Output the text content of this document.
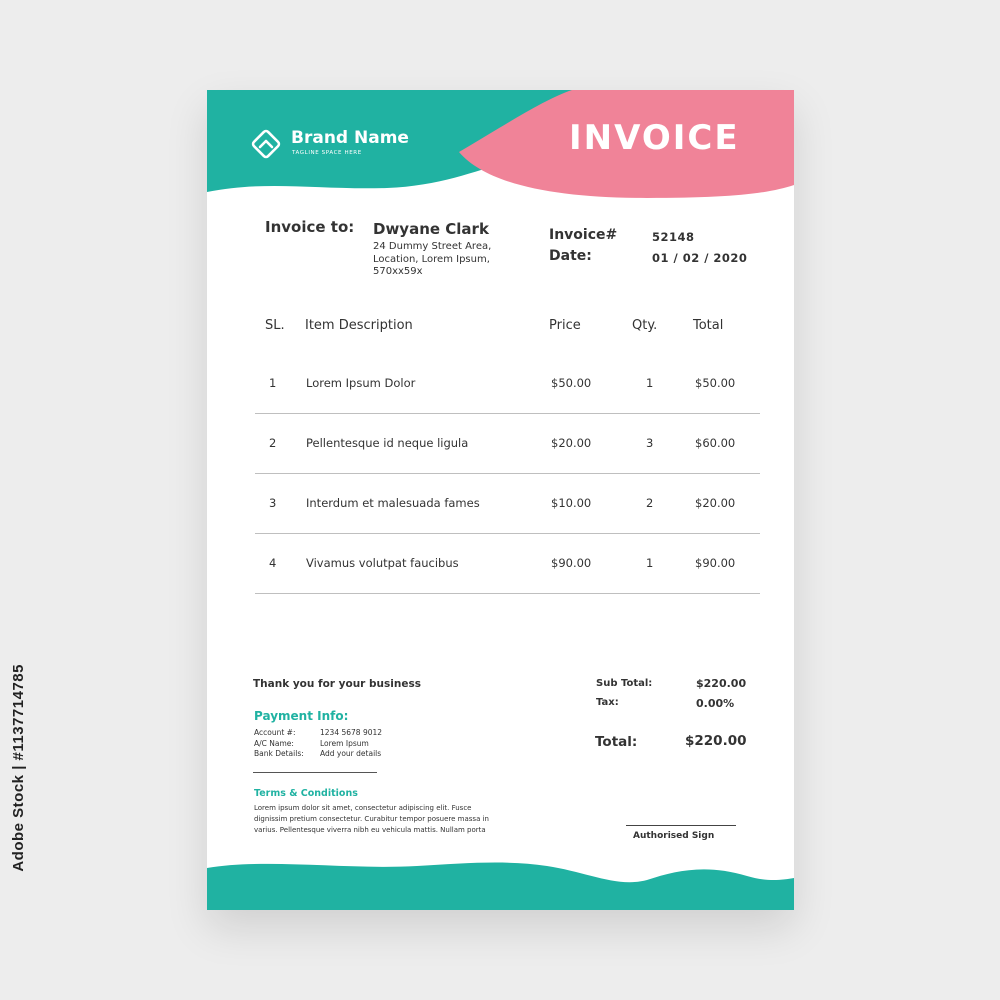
Adobe Stock | #1137714785
Brand Name
TAGLINE SPACE HERE	INVOICE
Invoice to: Dwyane Clark
24 Dummy Street Area,
Location, Lorem Ipsum,
570xx59x
Invoice#	52148
Date:	01 / 02 / 2020
SL. Item Description	Price	Qty.	Total
1	Lorem Ipsum Dolor	$50.00	1	$50.00
2	Pellentesque id neque ligula	$20.00	3	$60.00
3	Interdum et malesuada fames	$10.00	2	$20.00
4	Vivamus volutpat faucibus	$90.00	1	$90.00
Thank you for your business
Payment Info:
Account #:	1234 5678 9012
A/C Name:	Lorem Ipsum
Bank Details: Add your details
Terms & Conditions
Lorem ipsum dolor sit amet, consectetur adipiscing elit. Fusce
dignissim pretium consectetur. Curabitur tempor posuere massa in
varius. Pellentesque viverra nibh eu vehicula mattis. Nullam porta
Sub Total:	$220.00
Tax:	0.00%
Total:	$220.00
Authorised Sign
